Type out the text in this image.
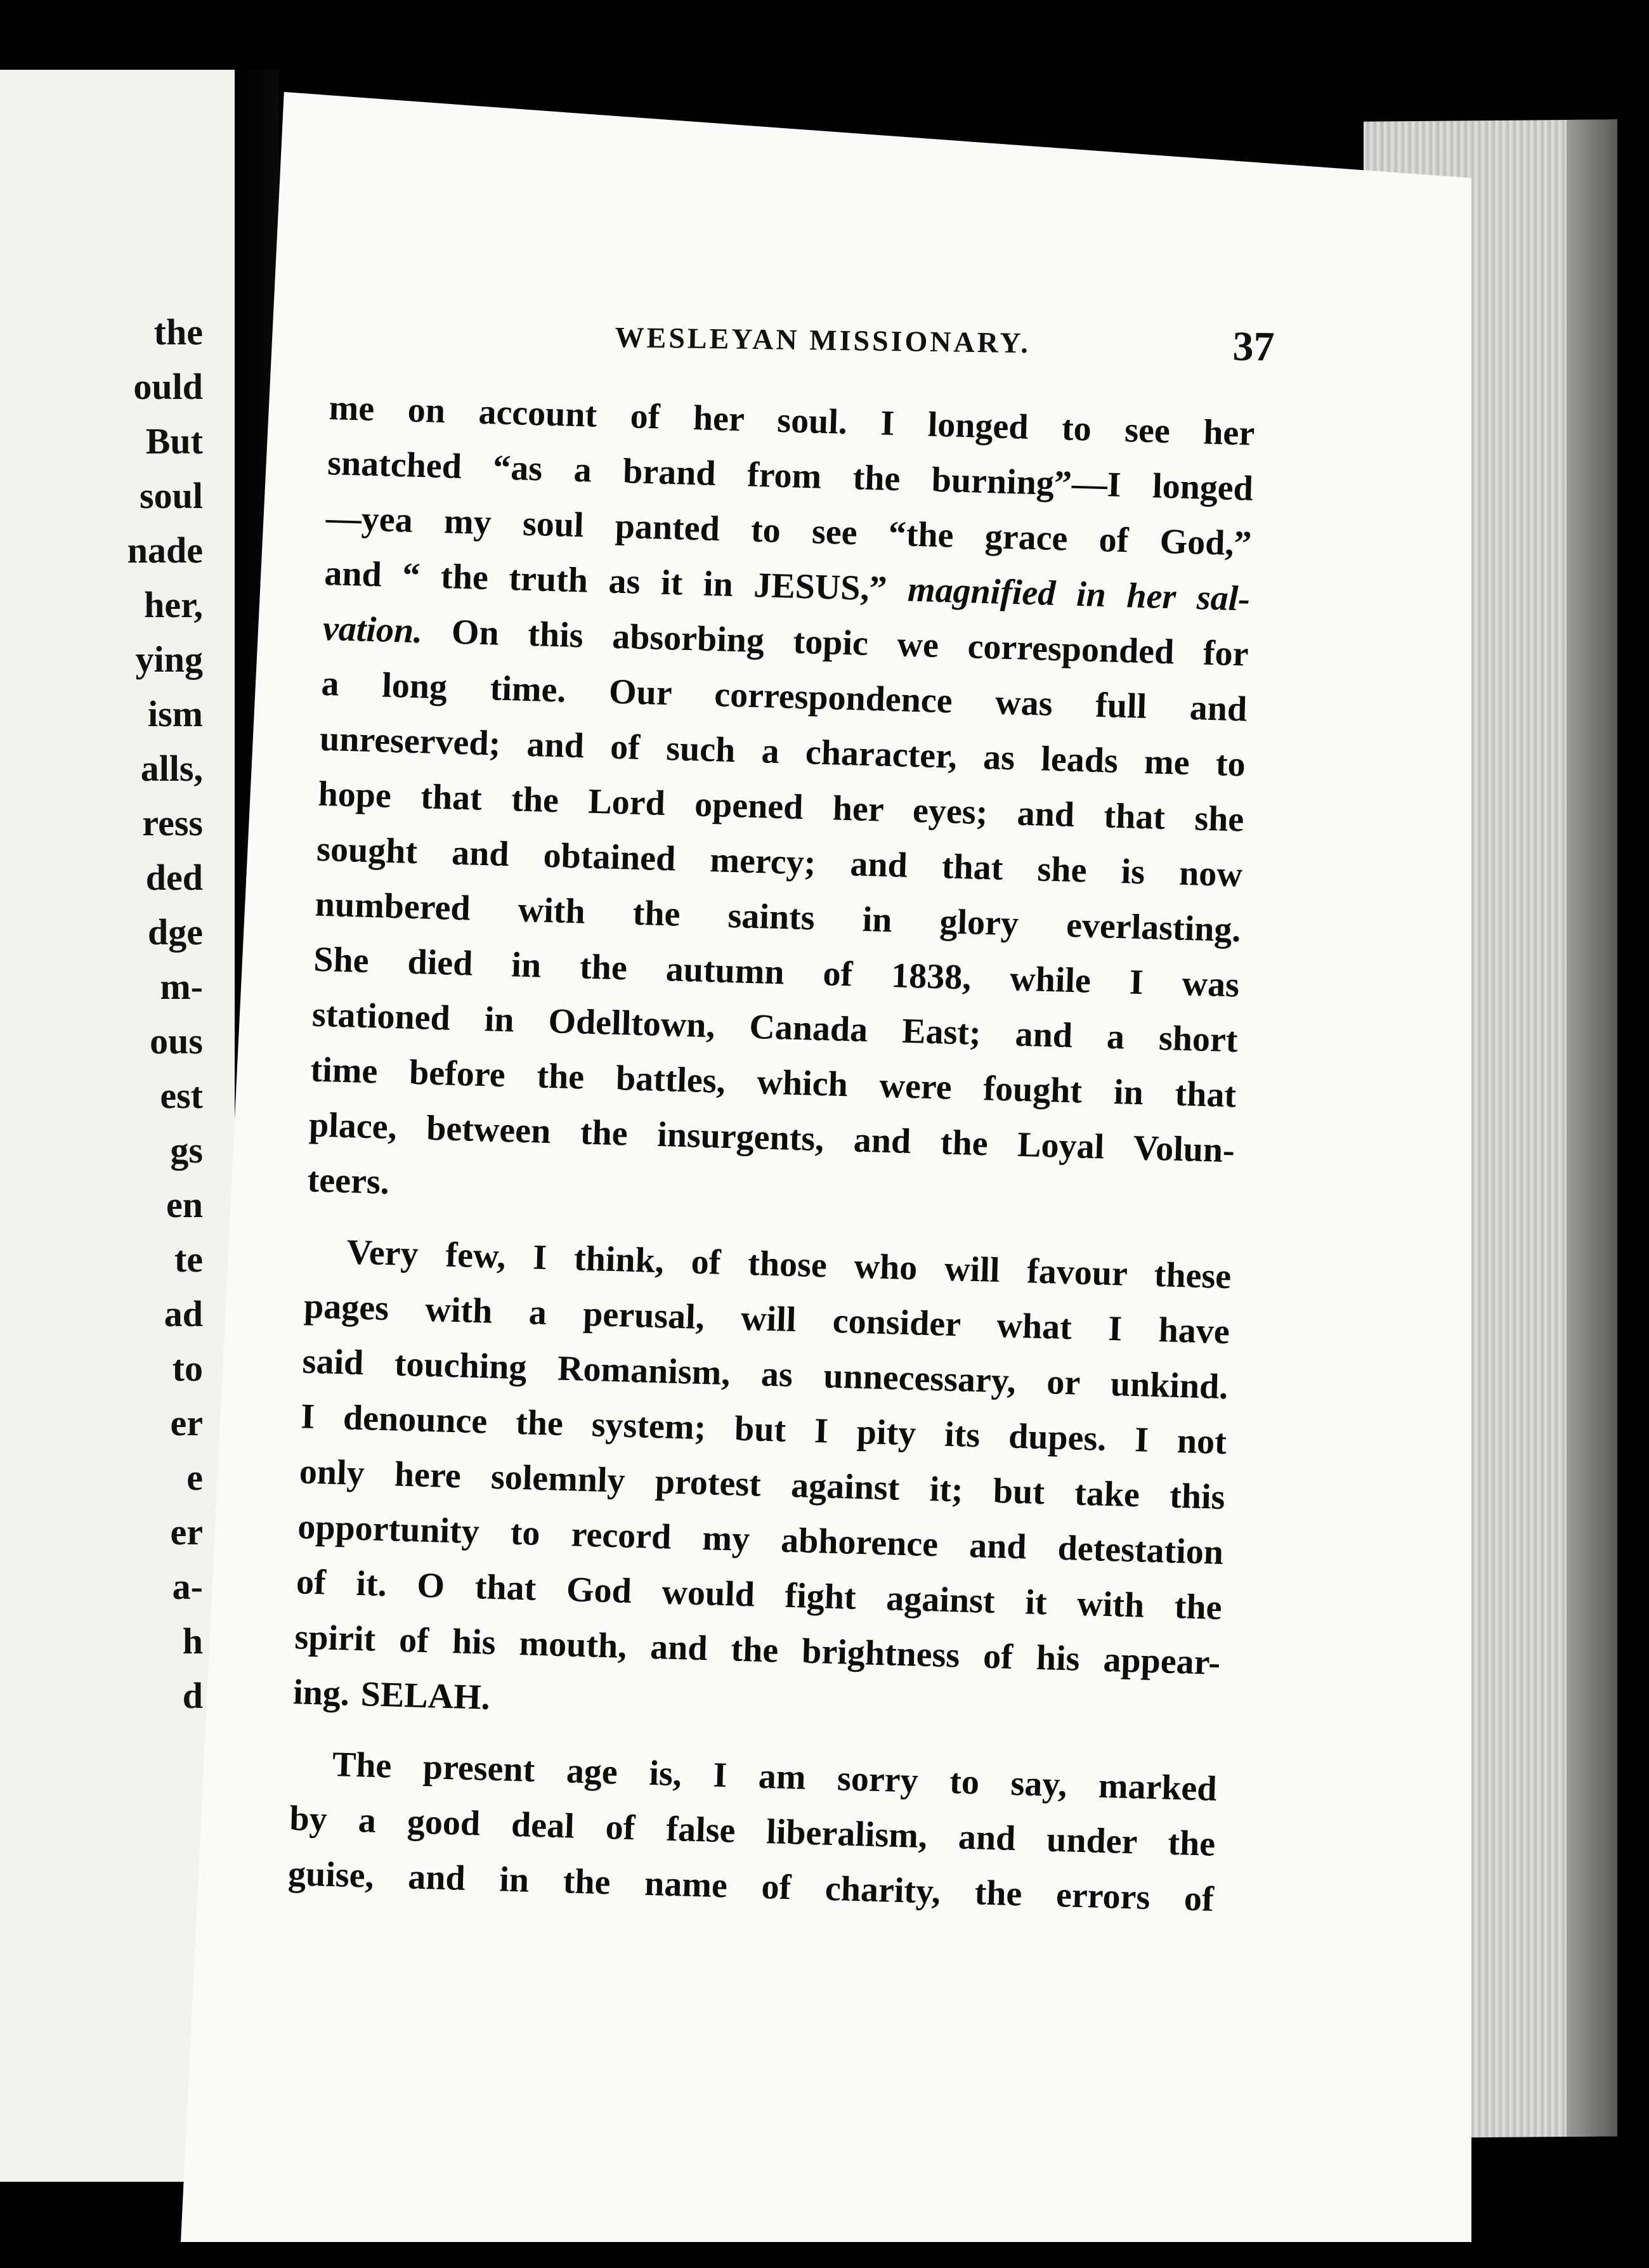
the
ould
But
soul
nade
her,
ying
ism
alls,
ress
ded
dge
m-
ous
est
gs
en
te
ad
to
er
e
er
a-
h
d
WESLEYAN MISSIONARY.	37

me on account of her soul. I longed to see her
snatched “as a brand from the burning”—I longed
—yea my soul panted to see “the grace of God,”
and “ the truth as it in JESUS,” magnified in her sal-
vation. On this absorbing topic we corresponded for
a long time. Our correspondence was full and
unreserved; and of such a character, as leads me to
hope that the Lord opened her eyes; and that she
sought and obtained mercy; and that she is now
numbered with the saints in glory everlasting.
She died in the autumn of 1838, while I was
stationed in Odelltown, Canada East; and a short
time before the battles, which were fought in that
place, between the insurgents, and the Loyal Volun-
teers.

Very few, I think, of those who will favour these
pages with a perusal, will consider what I have
said touching Romanism, as unnecessary, or unkind.
I denounce the system; but I pity its dupes. I not
only here solemnly protest against it; but take this
opportunity to record my abhorence and detestation
of it. O that God would fight against it with the
spirit of his mouth, and the brightness of his appear-
ing. SELAH.

The present age is, I am sorry to say, marked
by a good deal of false liberalism, and under the
guise, and in the name of charity, the errors of
